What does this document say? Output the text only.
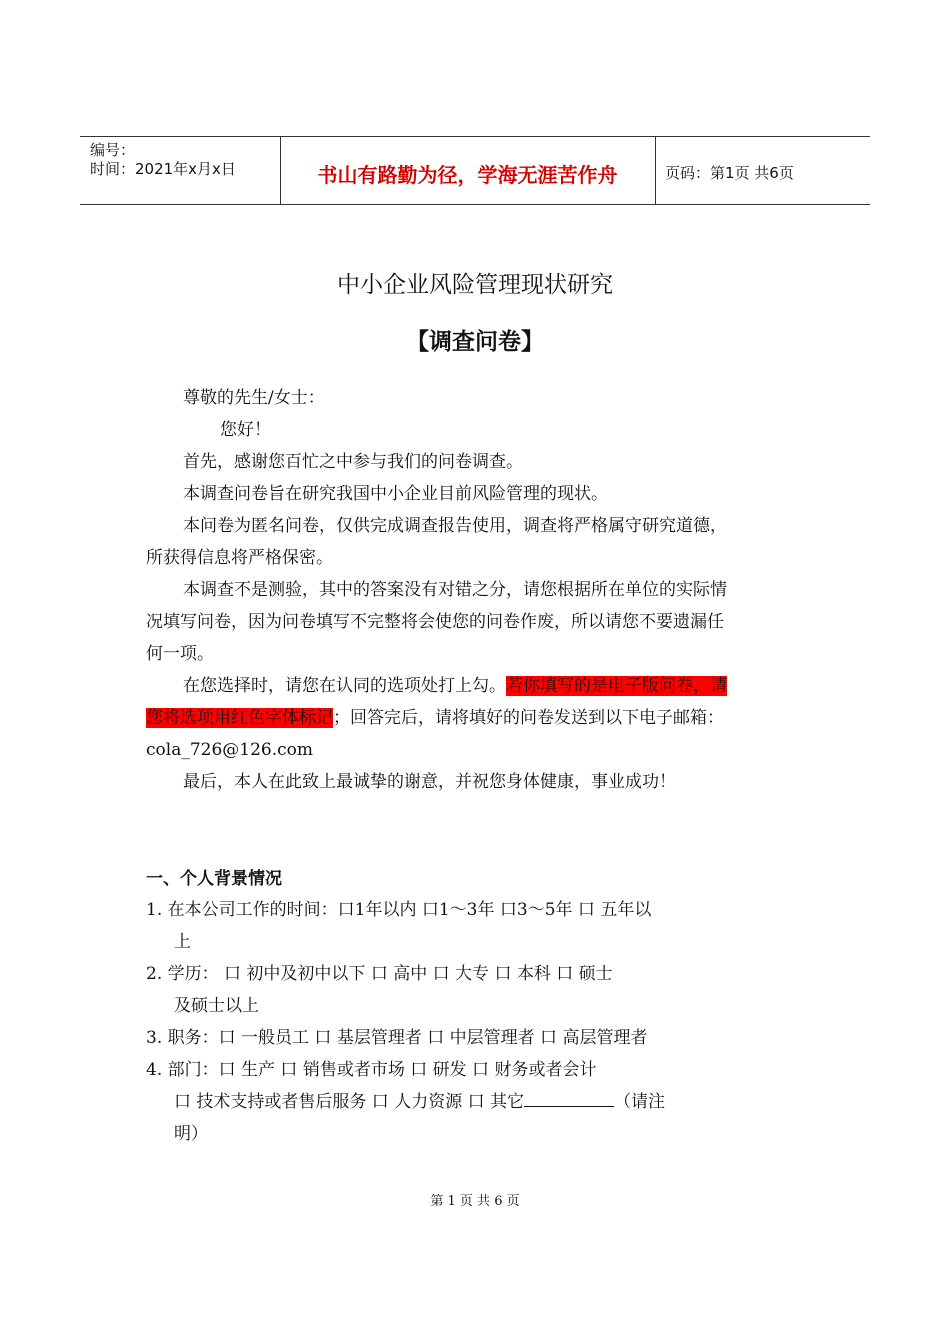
编号：
时间：2021年x月x日	书山有路勤为径，学海无涯苦作舟	页码：第1页 共6页
中小企业风险管理现状研究
【调查问卷】
尊敬的先生/女士：
您好！
首先，感谢您百忙之中参与我们的问卷调查。
本调查问卷旨在研究我国中小企业目前风险管理的现状。
本问卷为匿名问卷，仅供完成调查报告使用，调查将严格属守研究道德，
所获得信息将严格保密。
本调查不是测验，其中的答案没有对错之分，请您根据所在单位的实际情
况填写问卷，因为问卷填写不完整将会使您的问卷作废，所以请您不要遗漏任
何一项。
在您选择时，请您在认同的选项处打上勾。若你填写的是电子版问卷，请
您将选项用红色字体标记；回答完后，请将填好的问卷发送到以下电子邮箱：
cola_726@126.com
最后，本人在此致上最诚挚的谢意，并祝您身体健康，事业成功！
一、个人背景情况
1. 在本公司工作的时间：口1年以内 口1～3年 口3～5年 口 五年以
上
2. 学历： 口 初中及初中以下 口 高中 口 大专 口 本科 口 硕士
及硕士以上
3. 职务：口 一般员工 口 基层管理者 口 中层管理者 口 高层管理者
4. 部门：口 生产 口 销售或者市场 口 研发 口 财务或者会计
口 技术支持或者售后服务 口 人力资源 口 其它	（请注
明）
第 1 页 共 6 页
